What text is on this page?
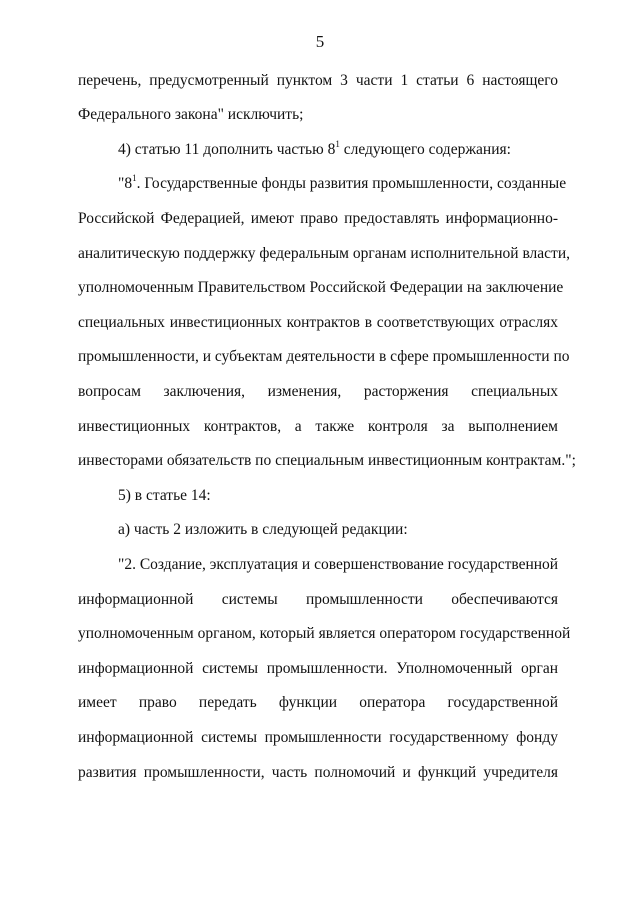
5
перечень, предусмотренный пунктом 3 части 1 статьи 6 настоящего
Федерального закона" исключить;
4) статью 11 дополнить частью $8^1$ следующего содержания:
"$8^1$. Государственные фонды развития промышленности, созданные
Российской Федерацией, имеют право предоставлять информационно-
аналитическую поддержку федеральным органам исполнительной власти,
уполномоченным Правительством Российской Федерации на заключение
специальных инвестиционных контрактов в соответствующих отраслях
промышленности, и субъектам деятельности в сфере промышленности по
вопросам заключения, изменения, расторжения специальных
инвестиционных контрактов, а также контроля за выполнением
инвесторами обязательств по специальным инвестиционным контрактам.";
5) в статье 14:
а) часть 2 изложить в следующей редакции:
"2. Создание, эксплуатация и совершенствование государственной
информационной системы промышленности обеспечиваются
уполномоченным органом, который является оператором государственной
информационной системы промышленности. Уполномоченный орган
имеет право передать функции оператора государственной
информационной системы промышленности государственному фонду
развития промышленности, часть полномочий и функций учредителя
